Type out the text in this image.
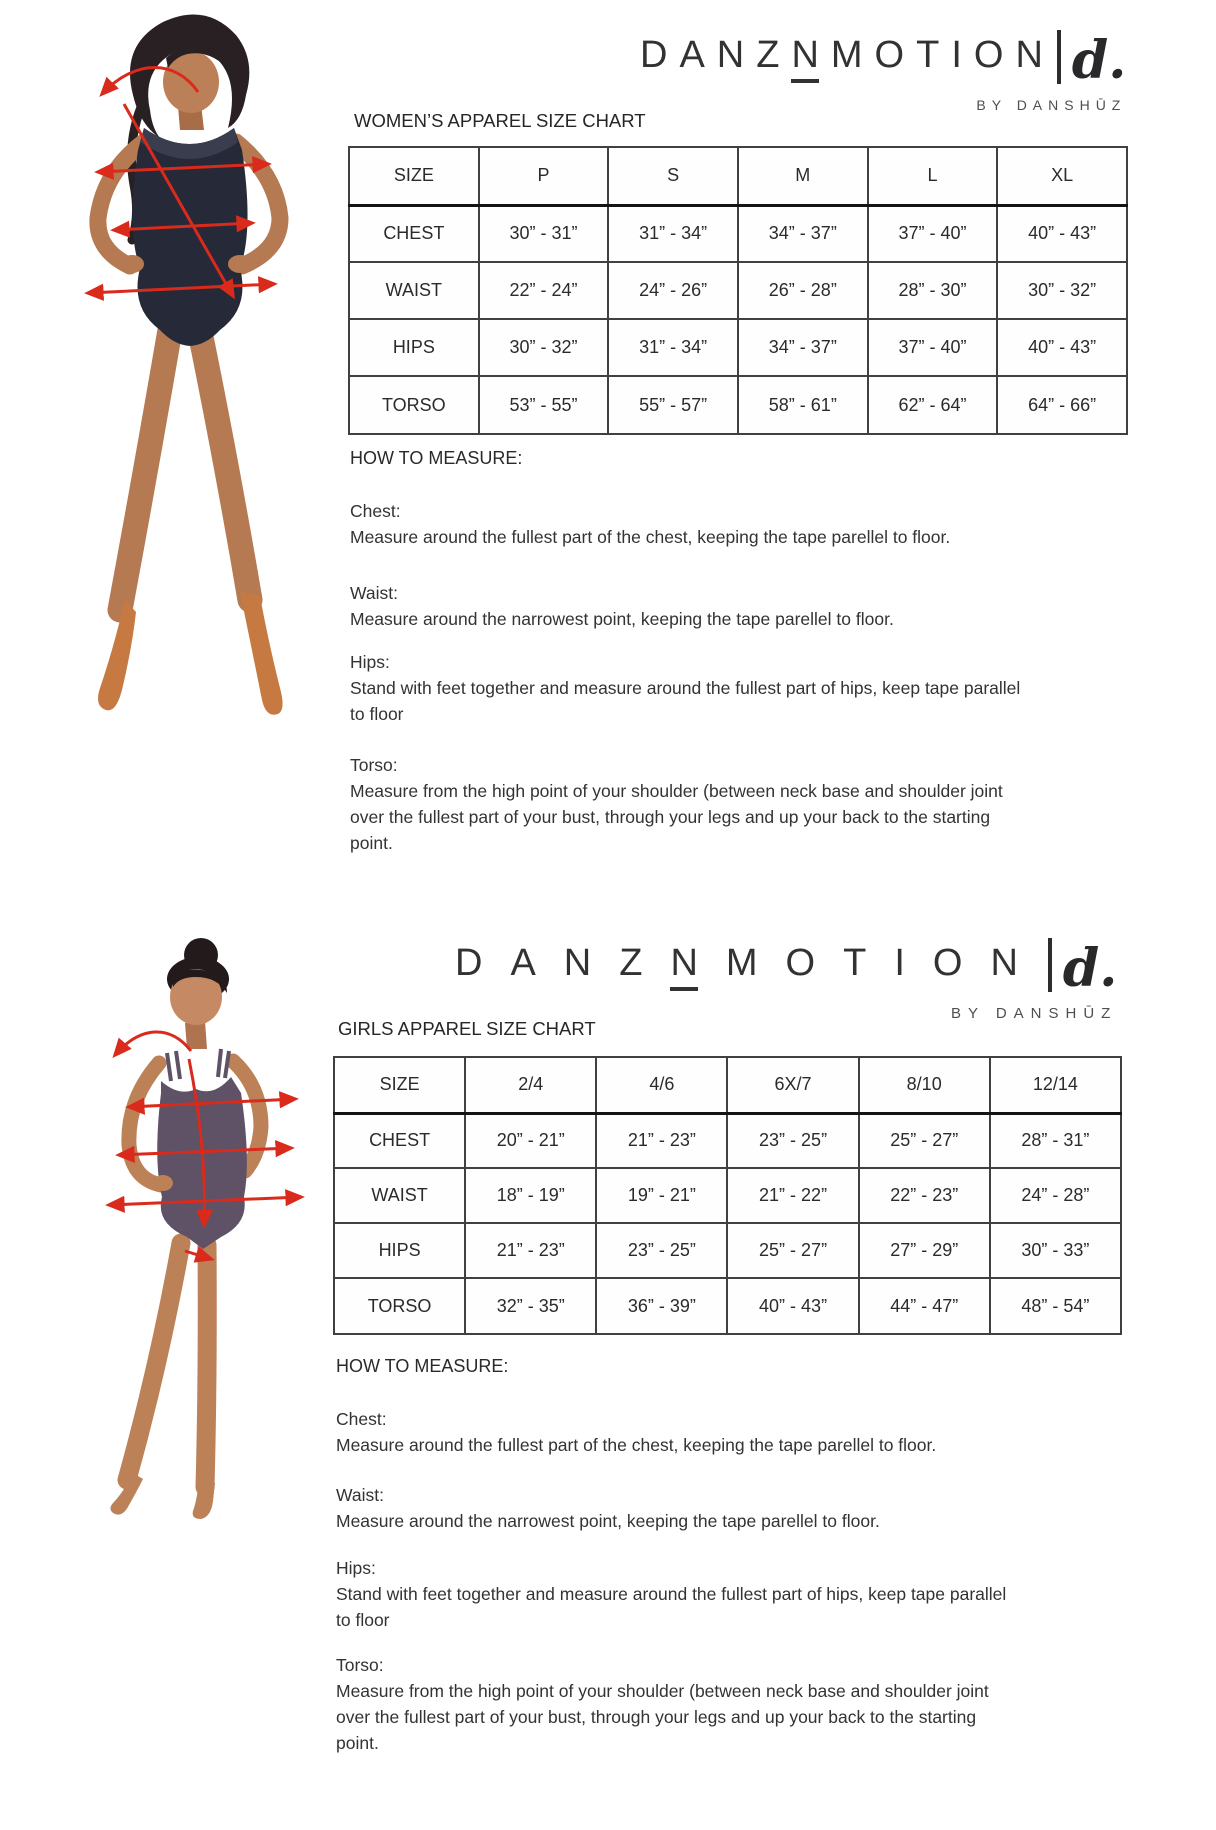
DANZ N MOTION d.
BY DANSHŪZ
WOMEN’S APPAREL SIZE CHART
SIZE	P	S	M	L	XL
CHEST	30” - 31”	31” - 34”	34” - 37”	37” - 40”	40” - 43”
WAIST	22” - 24”	24” - 26”	26” - 28”	28” - 30”	30” - 32”
HIPS	30” - 32”	31” - 34”	34” - 37”	37” - 40”	40” - 43”
TORSO	53” - 55”	55” - 57”	58” - 61”	62” - 64”	64” - 66”
HOW TO MEASURE:
Chest:
Measure around the fullest part of the chest, keeping the tape parellel to floor.
Waist:
Measure around the narrowest point, keeping the tape parellel to floor.
Hips:
Stand with feet together and measure around the fullest part of hips, keep tape parallel
to floor
Torso:
Measure from the high point of your shoulder (between neck base and shoulder joint
over the fullest part of your bust, through your legs and up your back to the starting
point.
DANZ N MOTION d.
BY DANSHŪZ
GIRLS APPAREL SIZE CHART
SIZE	2/4	4/6	6X/7	8/10	12/14
CHEST	20” - 21”	21” - 23”	23” - 25”	25” - 27”	28” - 31”
WAIST	18” - 19”	19” - 21”	21” - 22”	22” - 23”	24” - 28”
HIPS	21” - 23”	23” - 25”	25” - 27”	27” - 29”	30” - 33”
TORSO	32” - 35”	36” - 39”	40” - 43”	44” - 47”	48” - 54”
HOW TO MEASURE:
Chest:
Measure around the fullest part of the chest, keeping the tape parellel to floor.
Waist:
Measure around the narrowest point, keeping the tape parellel to floor.
Hips:
Stand with feet together and measure around the fullest part of hips, keep tape parallel
to floor
Torso:
Measure from the high point of your shoulder (between neck base and shoulder joint
over the fullest part of your bust, through your legs and up your back to the starting
point.
